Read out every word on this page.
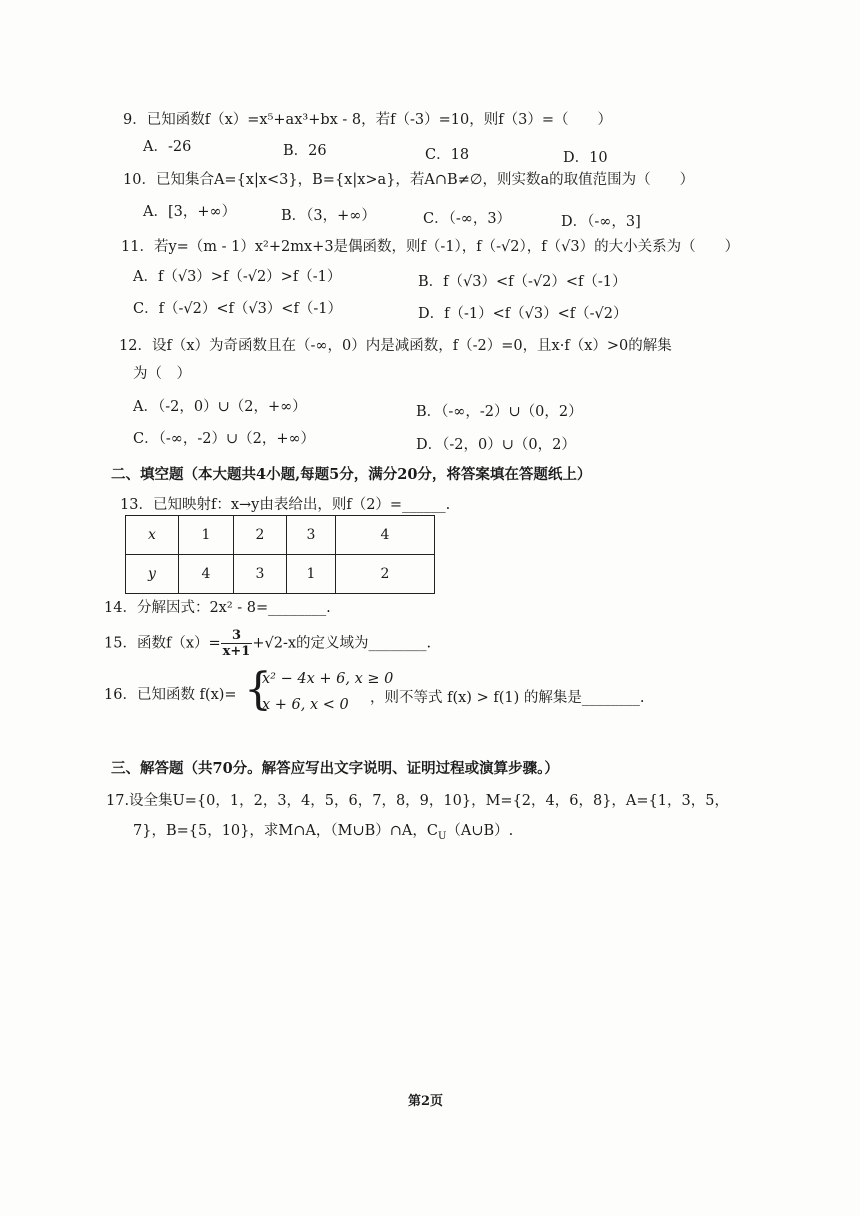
9．已知函数f（x）=x⁵+ax³+bx - 8，若f（-3）=10，则f（3）=（　　）
A．-26	B．26	C．18	D．10
10．已知集合A={x|x<3}，B={x|x>a}，若A∩B≠∅，则实数a的取值范围为（　　）
A．[3，+∞）	B．（3，+∞）	C．（-∞，3）	D．（-∞，3]
11．若y=（m - 1）x²+2mx+3是偶函数，则f（-1），f（-√2），f（√3）的大小关系为（　　）
A．f（√3）>f（-√2）>f（-1）	B．f（√3）<f（-√2）<f（-1）
C．f（-√2）<f（√3）<f（-1）	D．f（-1）<f（√3）<f（-√2）
12．设f（x）为奇函数且在（-∞，0）内是减函数，f（-2）=0，且x·f（x）>0的解集
为（　）
A．（-2，0）∪（2，+∞）	B．（-∞，-2）∪（0，2）
C．（-∞，-2）∪（2，+∞）	D．（-2，0）∪（0，2）
二、填空题（本大题共4小题,每题5分，满分20分，将答案填在答题纸上）
13．已知映射f：x→y由表给出，则f（2）=______.
x	1	2	3	4
y	4	3	1	2
14．分解因式：2x² - 8=________.
15．函数$f(x)= \frac{3}{x+1} +√2-x$的定义域为________.
16．已知函数 f(x)= {
x² − 4x + 6, x ≥ 0
x + 6, x < 0 ，则不等式 f(x) > f(1) 的解集是________.
三、解答题（共70分。解答应写出文字说明、证明过程或演算步骤。）
17.设全集U={0，1，2，3，4，5，6，7，8，9，10}，M={2，4，6，8}，A={1，3，5，
7}，B={5，10}，求M∩A，（M∪B）∩A，$C_U(A\cup B)$.
第2页
